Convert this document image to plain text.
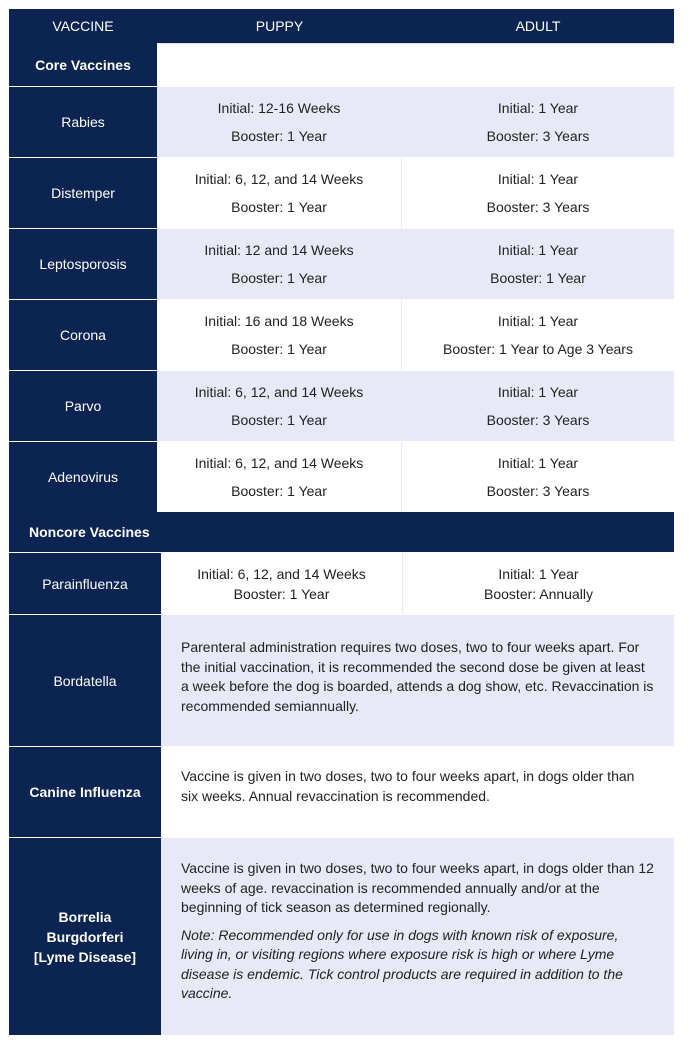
VACCINE	PUPPY	ADULT
Core Vaccines
Rabies
Initial: 12-16 Weeks
Booster: 1 Year
Initial: 1 Year
Booster: 3 Years
Distemper
Initial: 6, 12, and 14 Weeks
Booster: 1 Year
Initial: 1 Year
Booster: 3 Years
Leptosporosis
Initial: 12 and 14 Weeks
Booster: 1 Year
Initial: 1 Year
Booster: 1 Year
Corona
Initial: 16 and 18 Weeks
Booster: 1 Year
Initial: 1 Year
Booster: 1 Year to Age 3 Years
Parvo
Initial: 6, 12, and 14 Weeks
Booster: 1 Year
Initial: 1 Year
Booster: 3 Years
Adenovirus
Initial: 6, 12, and 14 Weeks
Booster: 1 Year
Initial: 1 Year
Booster: 3 Years
Noncore Vaccines
Parainfluenza
Initial: 6, 12, and 14 Weeks
Booster: 1 Year
Initial: 1 Year
Booster: Annually
Bordatella
Parenteral administration requires two doses, two to four weeks apart. For the initial vaccination, it is recommended the second dose be given at least a week before the dog is boarded, attends a dog show, etc. Revaccination is recommended semiannually.
Canine Influenza
Vaccine is given in two doses, two to four weeks apart, in dogs older than six weeks. Annual revaccination is recommended.
Borrelia Burgdorferi [Lyme Disease]
Vaccine is given in two doses, two to four weeks apart, in dogs older than 12 weeks of age. revaccination is recommended annually and/or at the beginning of tick season as determined regionally.
Note: Recommended only for use in dogs with known risk of exposure, living in, or visiting regions where exposure risk is high or where Lyme disease is endemic. Tick control products are required in addition to the vaccine.
